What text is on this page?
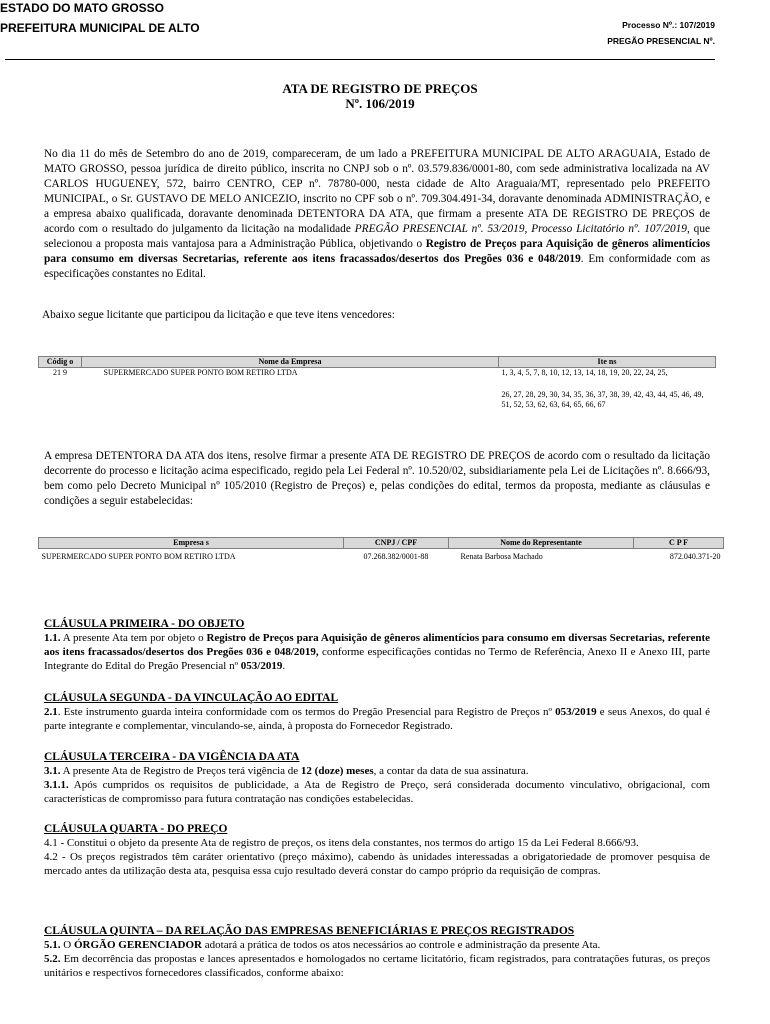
ESTADO DO MATO GROSSO
PREFEITURA MUNICIPAL DE ALTO	Processo Nº.: 107/2019
PREGÃO PRESENCIAL Nº.
ATA DE REGISTRO DE PREÇOS
Nº. 106/2019
No dia 11 do mês de Setembro do ano de 2019, compareceram, de um lado a PREFEITURA MUNICIPAL DE ALTO ARAGUAIA, Estado de MATO GROSSO, pessoa jurídica de direito público, inscrita no CNPJ sob o nº. 03.579.836/0001-80, com sede administrativa localizada na AV CARLOS HUGUENEY, 572, bairro CENTRO, CEP nº. 78780-000, nesta cidade de Alto Araguaia/MT, representado pelo PREFEITO MUNICIPAL, o Sr. GUSTAVO DE MELO ANICEZIO, inscrito no CPF sob o nº. 709.304.491-34, doravante denominada ADMINISTRAÇÃO, e a empresa abaixo qualificada, doravante denominada DETENTORA DA ATA, que firmam a presente ATA DE REGISTRO DE PREÇOS de acordo com o resultado do julgamento da licitação na modalidade PREGÃO PRESENCIAL nº. 53/2019, Processo Licitatório nº. 107/2019, que selecionou a proposta mais vantajosa para a Administração Pública, objetivando o Registro de Preços para Aquisição de gêneros alimentícios para consumo em diversas Secretarias, referente aos itens fracassados/desertos dos Pregões 036 e 048/2019. Em conformidade com as especificações constantes no Edital.
Abaixo segue licitante que participou da licitação e que teve itens vencedores:
Códig o	Nome da Empresa	Ite ns
21 9	SUPERMERCADO SUPER PONTO BOM RETIRO LTDA	1, 3, 4, 5, 7, 8, 10, 12, 13, 14, 18, 19, 20, 22, 24, 25,
26, 27, 28, 29, 30, 34, 35, 36, 37, 38, 39, 42, 43, 44, 45, 46, 49, 51, 52, 53, 62, 63, 64, 65, 66, 67
A empresa DETENTORA DA ATA dos itens, resolve firmar a presente ATA DE REGISTRO DE PREÇOS de acordo com o resultado da licitação decorrente do processo e licitação acima especificado, regido pela Lei Federal nº. 10.520/02, subsidiariamente pela Lei de Licitações nº. 8.666/93, bem como pelo Decreto Municipal nº 105/2010 (Registro de Preços) e, pelas condições do edital, termos da proposta, mediante as cláusulas e condições a seguir estabelecidas:
Empresa s	CNPJ / CPF	Nome do Representante	C P F
SUPERMERCADO SUPER PONTO BOM RETIRO LTDA	07.268.382/0001-88	Renata Barbosa Machado	872.040.371-20
CLÁUSULA PRIMEIRA - DO OBJETO
1.1. A presente Ata tem por objeto o Registro de Preços para Aquisição de gêneros alimentícios para consumo em diversas Secretarias, referente aos itens fracassados/desertos dos Pregões 036 e 048/2019, conforme especificações contidas no Termo de Referência, Anexo II e Anexo III, parte Integrante do Edital do Pregão Presencial nº 053/2019.
CLÁUSULA SEGUNDA - DA VINCULAÇÃO AO EDITAL
2.1. Este instrumento guarda inteira conformidade com os termos do Pregão Presencial para Registro de Preços nº 053/2019 e seus Anexos, do qual é parte integrante e complementar, vinculando-se, ainda, à proposta do Fornecedor Registrado.
CLÁUSULA TERCEIRA - DA VIGÊNCIA DA ATA
3.1. A presente Ata de Registro de Preços terá vigência de 12 (doze) meses, a contar da data de sua assinatura.
3.1.1. Após cumpridos os requisitos de publicidade, a Ata de Registro de Preço, será considerada documento vinculativo, obrigacional, com características de compromisso para futura contratação nas condições estabelecidas.
CLÁUSULA QUARTA - DO PREÇO
4.1 - Constitui o objeto da presente Ata de registro de preços, os itens dela constantes, nos termos do artigo 15 da Lei Federal 8.666/93.
4.2 - Os preços registrados têm caráter orientativo (preço máximo), cabendo às unidades interessadas a obrigatoriedade de promover pesquisa de mercado antes da utilização desta ata, pesquisa essa cujo resultado deverá constar do campo próprio da requisição de compras.
CLÁUSULA QUINTA – DA RELAÇÃO DAS EMPRESAS BENEFICIÁRIAS E PREÇOS REGISTRADOS
5.1. O ÓRGÃO GERENCIADOR adotará a prática de todos os atos necessários ao controle e administração da presente Ata.
5.2. Em decorrência das propostas e lances apresentados e homologados no certame licitatório, ficam registrados, para contratações futuras, os preços unitários e respectivos fornecedores classificados, conforme abaixo:
